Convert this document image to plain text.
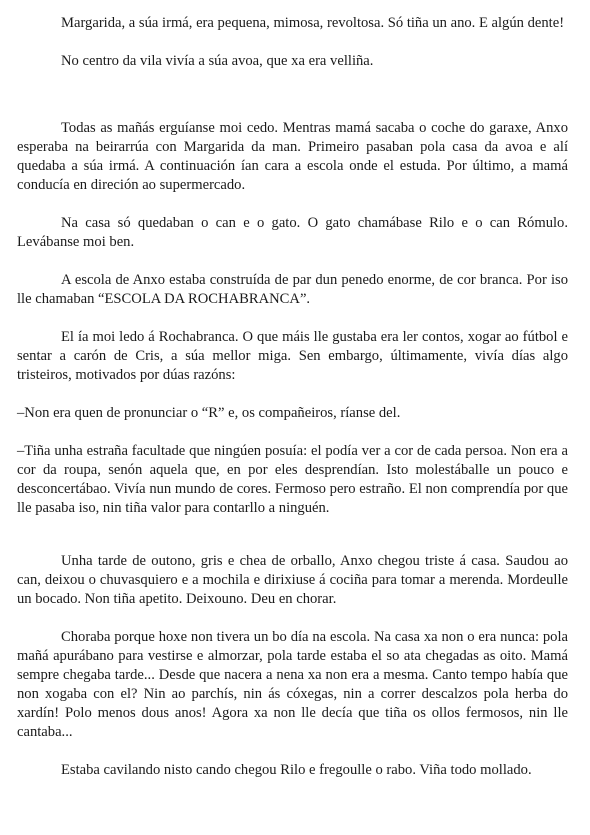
Margarida, a súa irmá, era pequena, mimosa, revoltosa. Só tiña un ano. E algún dente!

No centro da vila vivía a súa avoa, que xa era velliña.

Todas as mañás erguíanse moi cedo. Mentras mamá sacaba o coche do garaxe, Anxo esperaba na beirarrúa con Margarida da man. Primeiro pasaban pola casa da avoa e alí quedaba a súa irmá. A continuación ían cara a escola onde el estuda. Por último, a mamá conducía en direción ao supermercado.

Na casa só quedaban o can e o gato. O gato chamábase Rilo e o can Rómulo. Levábanse moi ben.

A escola de Anxo estaba construída de par dun penedo enorme, de cor branca. Por iso lle chamaban “ESCOLA DA ROCHABRANCA”.

El ía moi ledo á Rochabranca. O que máis lle gustaba era ler contos, xogar ao fútbol e sentar a carón de Cris, a súa mellor miga. Sen embargo, últimamente, vivía días algo tristeiros, motivados por dúas razóns:

–Non era quen de pronunciar o “R” e, os compañeiros, ríanse del.

–Tiña unha estraña facultade que ningúen posuía: el podía ver a cor de cada persoa. Non era a cor da roupa, senón aquela que, en por eles desprendían. Isto molestáballe un pouco e desconcertábao. Vivía nun mundo de cores. Fermoso pero estraño. El non comprendía por que lle pasaba iso, nin tiña valor para contarllo a ninguén.

Unha tarde de outono, gris e chea de orballo, Anxo chegou triste á casa. Saudou ao can, deixou o chuvasquiero e a mochila e dirixiuse á cociña para tomar a merenda. Mordeulle un bocado. Non tiña apetito. Deixouno. Deu en chorar.

Choraba porque hoxe non tivera un bo día na escola. Na casa xa non o era nunca: pola mañá apurábano para vestirse e almorzar, pola tarde estaba el so ata chegadas as oito. Mamá sempre chegaba tarde... Desde que nacera a nena xa non era a mesma. Canto tempo había que non xogaba con el? Nin ao parchís, nin ás cóxegas, nin a correr descalzos pola herba do xardín! Polo menos dous anos! Agora xa non lle decía que tiña os ollos fermosos, nin lle cantaba...

Estaba cavilando nisto cando chegou Rilo e fregoulle o rabo. Viña todo mollado.
